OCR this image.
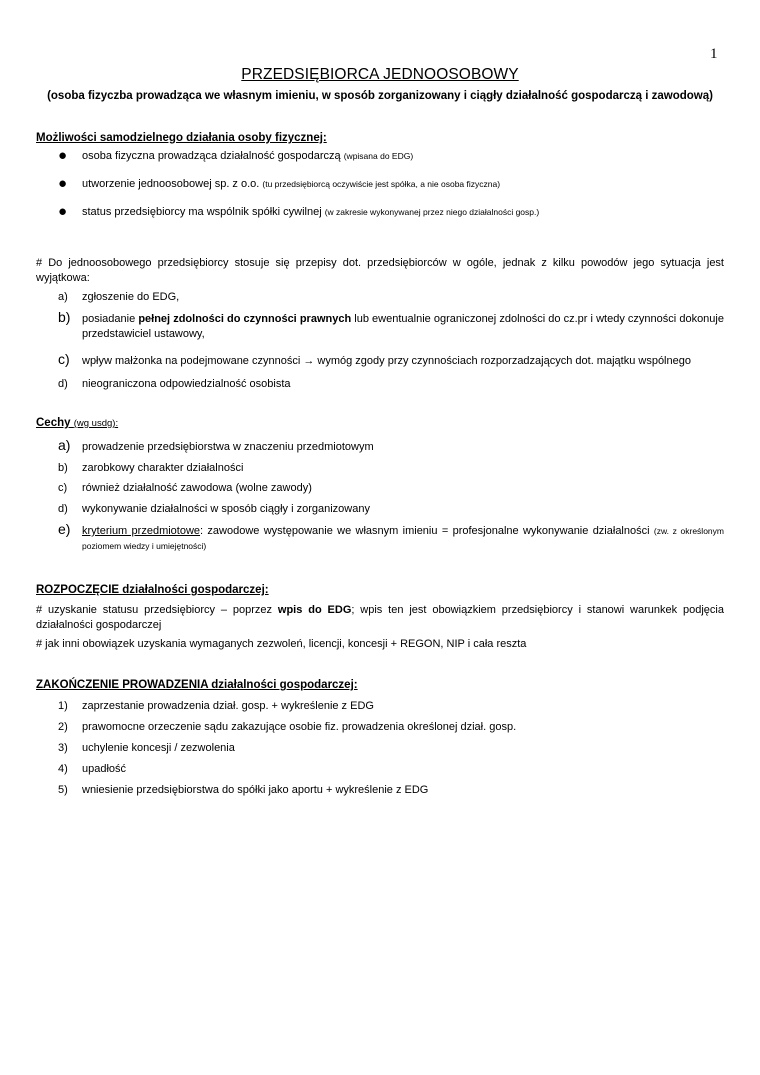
1
PRZEDSIĘBIORCA JEDNOOSOBOWY
(osoba fizyczba prowadząca we własnym imieniu, w sposób zorganizowany i ciągły działalność gospodarczą i zawodową)
Możliwości samodzielnego działania osoby fizycznej:
● osoba fizyczna prowadząca działalność gospodarczą (wpisana do EDG)
● utworzenie jednoosobowej sp. z o.o. (tu przedsiębiorcą oczywiście jest spółka, a nie osoba fizyczna)
● status przedsiębiorcy ma wspólnik spółki cywilnej (w zakresie wykonywanej przez niego działalności gosp.)
# Do jednoosobowego przedsiębiorcy stosuje się przepisy dot. przedsiębiorców w ogóle, jednak z kilku powodów jego sytuacja jest wyjątkowa:
a) zgłoszenie do EDG,
b) posiadanie pełnej zdolności do czynności prawnych lub ewentualnie ograniczonej zdolności do cz.pr i wtedy czynności dokonuje przedstawiciel ustawowy,
c) wpływ małżonka na podejmowane czynności → wymóg zgody przy czynnościach rozporzadzających dot. majątku wspólnego
d) nieograniczona odpowiedzialność osobista
Cechy (wg usdg):
a) prowadzenie przedsiębiorstwa w znaczeniu przedmiotowym
b) zarobkowy charakter działalności
c) również działalność zawodowa (wolne zawody)
d) wykonywanie działalności w sposób ciągły i zorganizowany
e) kryterium przedmiotowe: zawodowe występowanie we własnym imieniu = profesjonalne wykonywanie działalności (zw. z określonym poziomem wiedzy i umiejętności)
ROZPOCZĘCIE działalności gospodarczej:
# uzyskanie statusu przedsiębiorcy – poprzez wpis do EDG; wpis ten jest obowiązkiem przedsiębiorcy i stanowi warunkek podjęcia działalności gospodarczej
# jak inni obowiązek uzyskania wymaganych zezwoleń, licencji, koncesji + REGON, NIP i cała reszta
ZAKOŃCZENIE PROWADZENIA działalności gospodarczej:
1) zaprzestanie prowadzenia dział. gosp. + wykreślenie z EDG
2) prawomocne orzeczenie sądu zakazujące osobie fiz. prowadzenia określonej dział. gosp.
3) uchylenie koncesji / zezwolenia
4) upadłość
5) wniesienie przedsiębiorstwa do spółki jako aportu + wykreślenie z EDG
